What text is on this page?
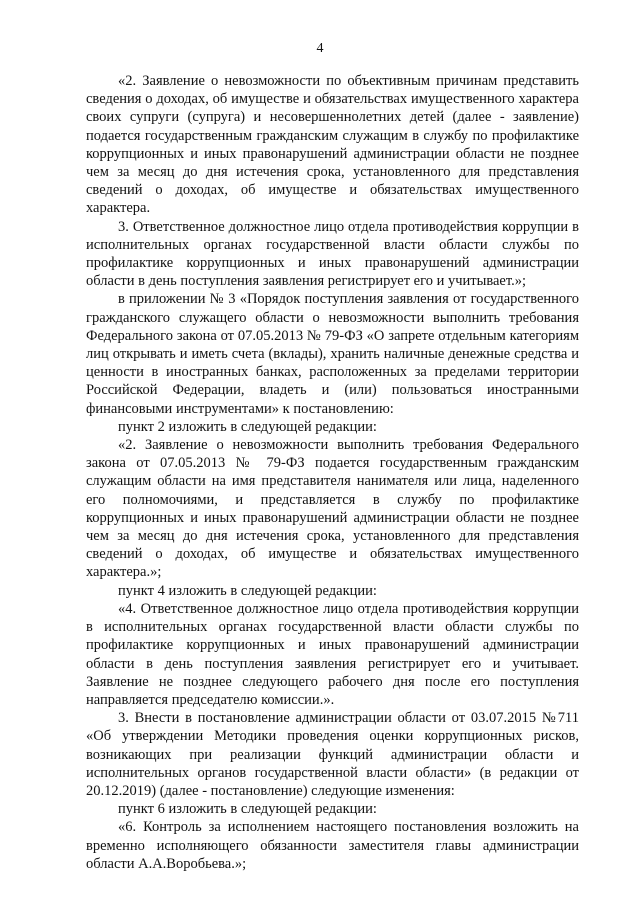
4

«2. Заявление о невозможности по объективным причинам представить сведения о доходах, об имуществе и обязательствах имущественного характера своих супруги (супруга) и несовершеннолетних детей (далее - заявление) подается государственным гражданским служащим в службу по профилактике коррупционных и иных правонарушений администрации области не позднее чем за месяц до дня истечения срока, установленного для представления сведений о доходах, об имуществе и обязательствах имущественного характера.

3. Ответственное должностное лицо отдела противодействия коррупции в исполнительных органах государственной власти области службы по профилактике коррупционных и иных правонарушений администрации области в день поступления заявления регистрирует его и учитывает.»;

в приложении № 3 «Порядок поступления заявления от государственного гражданского служащего области о невозможности выполнить требования Федерального закона от 07.05.2013 № 79-ФЗ «О запрете отдельным категориям лиц открывать и иметь счета (вклады), хранить наличные денежные средства и ценности в иностранных банках, расположенных за пределами территории Российской Федерации, владеть и (или) пользоваться иностранными финансовыми инструментами» к постановлению:

пункт 2 изложить в следующей редакции:

«2. Заявление о невозможности выполнить требования Федерального закона от 07.05.2013 № 79-ФЗ подается государственным гражданским служащим области на имя представителя нанимателя или лица, наделенного его полномочиями, и представляется в службу по профилактике коррупционных и иных правонарушений администрации области не позднее чем за месяц до дня истечения срока, установленного для представления сведений о доходах, об имуществе и обязательствах имущественного характера.»;

пункт 4 изложить в следующей редакции:

«4. Ответственное должностное лицо отдела противодействия коррупции в исполнительных органах государственной власти области службы по профилактике коррупционных и иных правонарушений администрации области в день поступления заявления регистрирует его и учитывает. Заявление не позднее следующего рабочего дня после его поступления направляется председателю комиссии.».

3. Внести в постановление администрации области от 03.07.2015 №711 «Об утверждении Методики проведения оценки коррупционных рисков, возникающих при реализации функций администрации области и исполнительных органов государственной власти области» (в редакции от 20.12.2019) (далее - постановление) следующие изменения:

пункт 6 изложить в следующей редакции:

«6. Контроль за исполнением настоящего постановления возложить на временно исполняющего обязанности заместителя главы администрации области А.А.Воробьева.»;
